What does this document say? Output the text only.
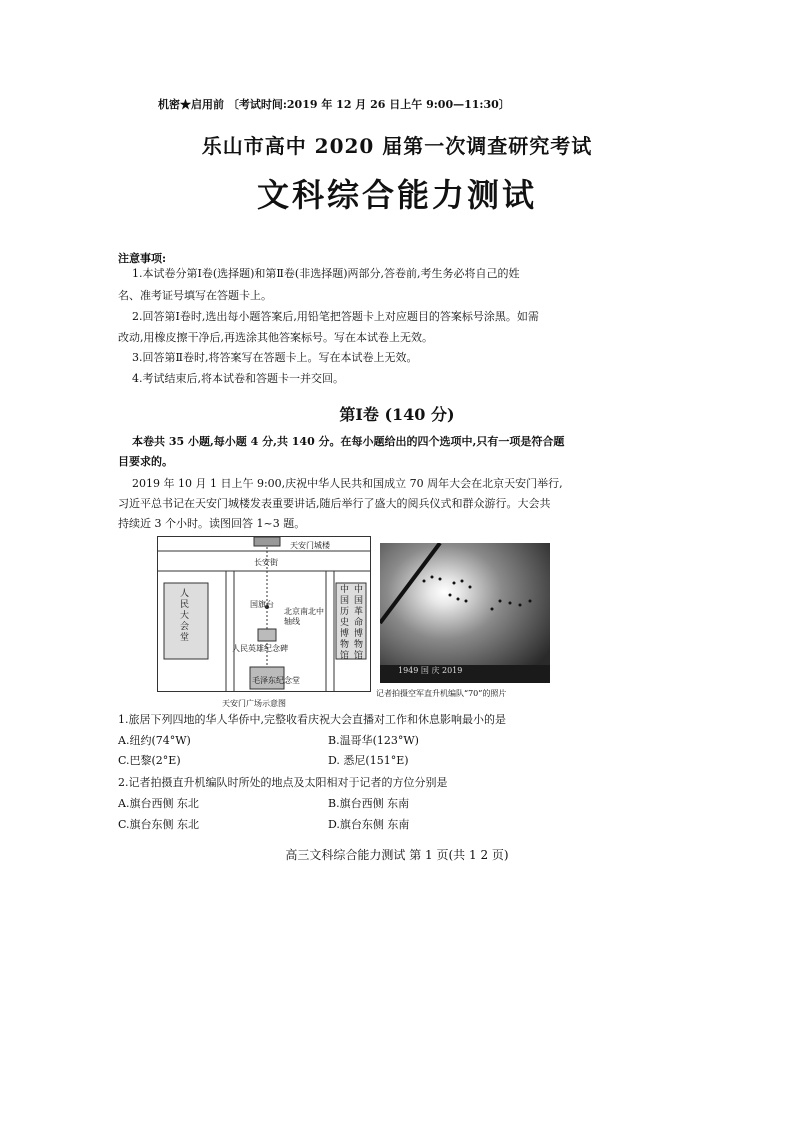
机密★启用前 〔考试时间:2019 年 12 月 26 日上午 9:00—11:30〕
乐山市高中 2020 届第一次调查研究考试
文科综合能力测试
注意事项:
1.本试卷分第Ⅰ卷(选择题)和第Ⅱ卷(非选择题)两部分,答卷前,考生务必将自己的姓
名、准考证号填写在答题卡上。
2.回答第Ⅰ卷时,选出每小题答案后,用铅笔把答题卡上对应题目的答案标号涂黑。如需
改动,用橡皮擦干净后,再选涂其他答案标号。写在本试卷上无效。
3.回答第Ⅱ卷时,将答案写在答题卡上。写在本试卷上无效。
4.考试结束后,将本试卷和答题卡一并交回。
第Ⅰ卷 (140 分)
本卷共 35 小题,每小题 4 分,共 140 分。在每小题给出的四个选项中,只有一项是符合题
目要求的。
2019 年 10 月 1 日上午 9:00,庆祝中华人民共和国成立 70 周年大会在北京天安门举行,
习近平总书记在天安门城楼发表重要讲话,随后举行了盛大的阅兵仪式和群众游行。大会共
持续近 3 个小时。读图回答 1~3 题。
天安门城楼
长安街
人民大会堂
中国历史博物馆
中国革命博物馆
国旗台
北京南北中轴线
人民英雄纪念碑
毛泽东纪念堂
天安门广场示意图
1949 国 庆 2019
记者拍摄空军直升机编队“70”的照片
1.旅居下列四地的华人华侨中,完整收看庆祝大会直播对工作和休息影响最小的是
A.纽约(74°W)	B.温哥华(123°W)
C.巴黎(2°E)	D. 悉尼(151°E)
2.记者拍摄直升机编队时所处的地点及太阳相对于记者的方位分别是
A.旗台西侧 东北	B.旗台西侧 东南
C.旗台东侧 东北	D.旗台东侧 东南
高三文科综合能力测试 第 1 页(共 1 2 页)
